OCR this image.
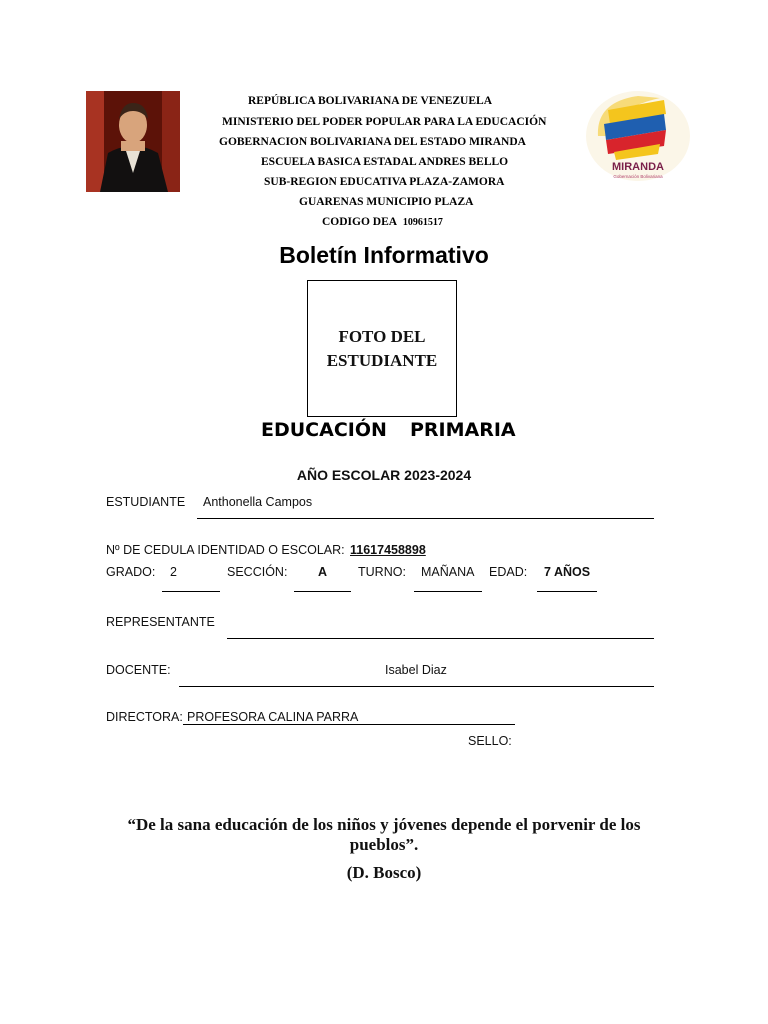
REPÚBLICA BOLIVARIANA DE VENEZUELA
MINISTERIO DEL PODER POPULAR PARA LA EDUCACIÓN
GOBERNACION BOLIVARIANA DEL ESTADO MIRANDA
ESCUELA BASICA ESTADAL ANDRES BELLO
SUB-REGION EDUCATIVA PLAZA-ZAMORA
GUARENAS MUNICIPIO PLAZA
CODIGO DEA 10961517
MIRANDA
Gobernación Bolivariana
Boletín Informativo
FOTO DEL ESTUDIANTE
EDUCACIÓN PRIMARIA
AÑO ESCOLAR 2023-2024
ESTUDIANTE Anthonella Campos
Nº DE CEDULA IDENTIDAD O ESCOLAR: 11617458898
GRADO: 2	SECCIÓN: A TURNO: MAÑANA EDAD: 7 AÑOS
REPRESENTANTE
DOCENTE:	Isabel Diaz
DIRECTORA: PROFESORA CALINA PARRA
SELLO:
“De la sana educación de los niños y jóvenes depende el porvenir de los
pueblos”.
(D. Bosco)
